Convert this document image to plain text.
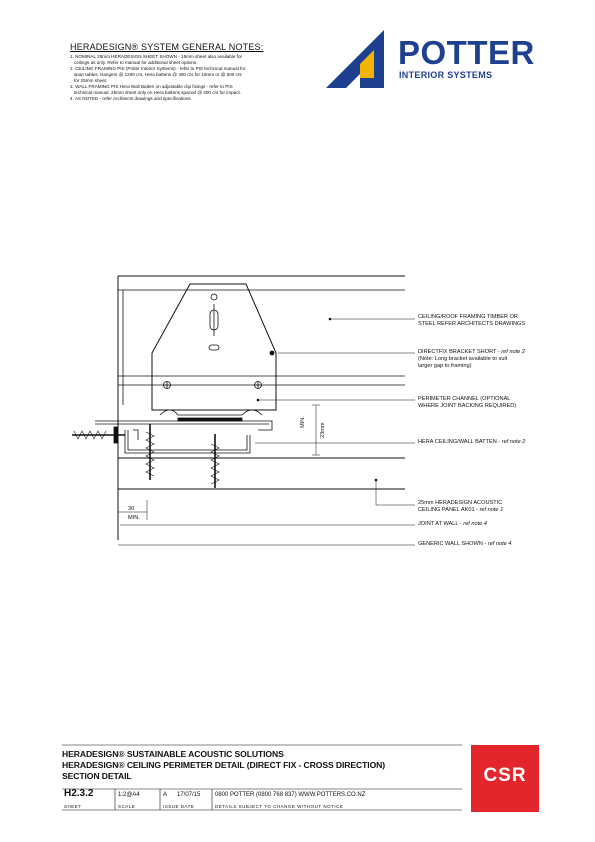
HERADESIGN® SYSTEM GENERAL NOTES:
1. NOMINAL 25mm HERADESIGN SHEET SHOWN - 15mm sheet also available for
ceilings as only. Refer to manual for additional sheet options.
2. CEILING FRAMING PIS (Potter Interior Systems) - refer to PIS technical manual for
span tables. Hangers @ 1200 crs, Hera battens @ 400 crs for 15mm or @ 600 crs
for 25mm sheet.
3. WALL FRAMING PIS Hera Wall Batten on adjustable clip fixings - refer to PIS
technical manual. 25mm sheet only on Hera battens spaced @ 400 crs for impact.
4. AS NOTED - refer Architects drawings and specifications.
POTTER
INTERIOR SYSTEMS
MIN.
23mm
30
MIN.
CEILING/ROOF FRAMING TIMBER OR
STEEL REFER ARCHITECTS DRAWINGS
DIRECTFIX BRACKET SHORT - ref note 2
(Note: Long bracket available to suit
larger gap to framing)
PERIMETER CHANNEL (OPTIONAL
WHERE JOINT BACKING REQUIRED)
HERA CEILING/WALL BATTEN - ref note 2
25mm HERADESIGN ACOUSTIC
CEILING PANEL AK01 - ref note 1
JOINT AT WALL - ref note 4
GENERIC WALL SHOWN - ref note 4
HERADESIGN® SUSTAINABLE ACOUSTIC SOLUTIONS
HERADESIGN® CEILING PERIMETER DETAIL (DIRECT FIX - CROSS DIRECTION)
SECTION DETAIL
H2.3.2	1:2@A4	A 17/07/15 0800 POTTER (0800 768 837) WWW.POTTERS.CO.NZ
SHEET	SCALE	ISSUE DATE	DETAILS SUBJECT TO CHANGE WITHOUT NOTICE
CSR
